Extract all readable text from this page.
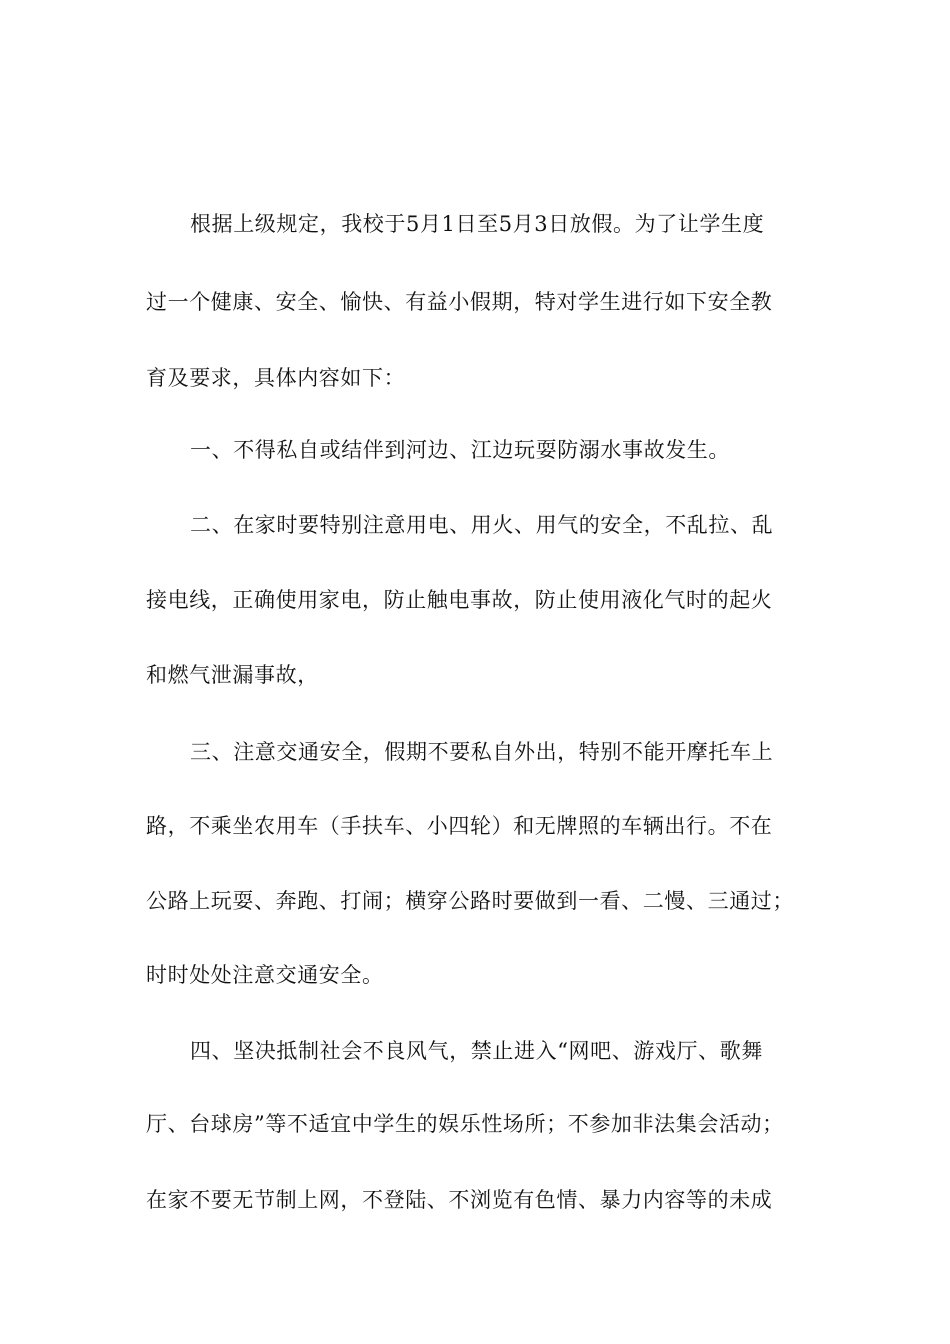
根据上级规定，我校于5月1日至5月3日放假。为了让学生度
过一个健康、安全、愉快、有益小假期，特对学生进行如下安全教
育及要求，具体内容如下：
一、不得私自或结伴到河边、江边玩耍防溺水事故发生。
二、在家时要特别注意用电、用火、用气的安全，不乱拉、乱
接电线，正确使用家电，防止触电事故，防止使用液化气时的起火
和燃气泄漏事故，
三、注意交通安全，假期不要私自外出，特别不能开摩托车上
路，不乘坐农用车（手扶车、小四轮）和无牌照的车辆出行。不在
公路上玩耍、奔跑、打闹；横穿公路时要做到一看、二慢、三通过；
时时处处注意交通安全。
四、坚决抵制社会不良风气，禁止进入“网吧、游戏厅、歌舞
厅、台球房”等不适宜中学生的娱乐性场所；不参加非法集会活动；
在家不要无节制上网，不登陆、不浏览有色情、暴力内容等的未成
